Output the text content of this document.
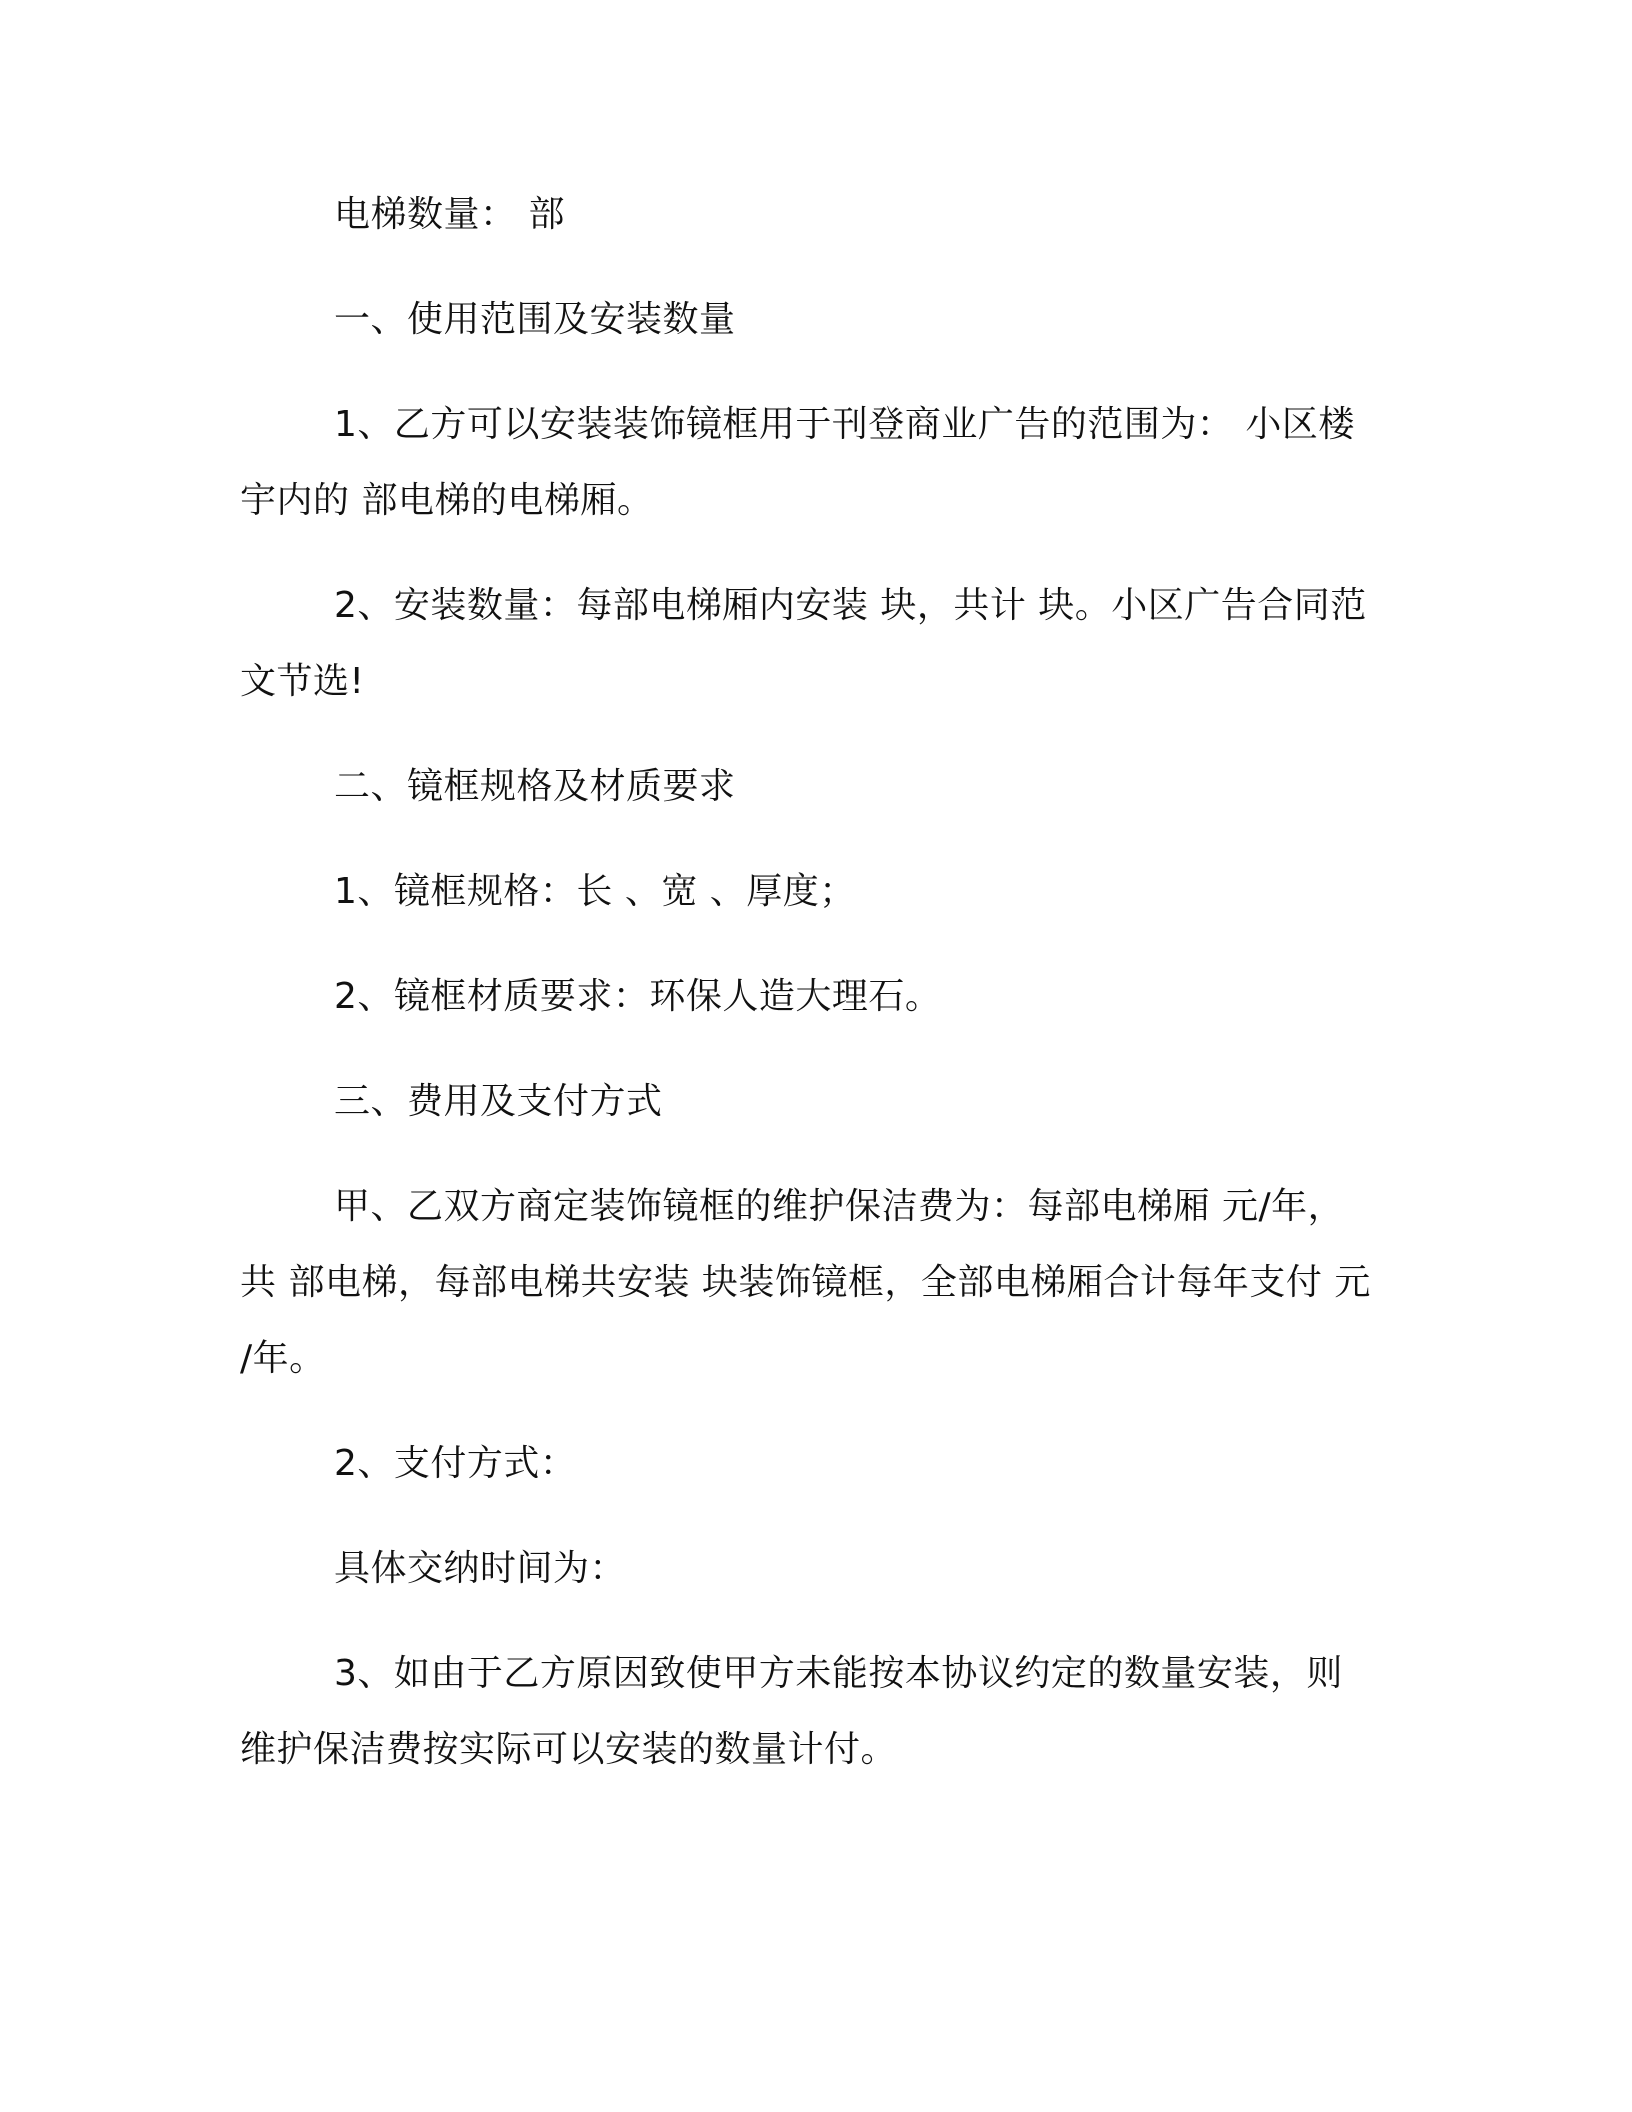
电梯数量： 部
一、使用范围及安装数量
1、乙方可以安装装饰镜框用于刊登商业广告的范围为： 小区楼
宇内的 部电梯的电梯厢。
2、安装数量：每部电梯厢内安装 块，共计 块。小区广告合同范
文节选!
二、镜框规格及材质要求
1、镜框规格：长 、宽 、厚度；
2、镜框材质要求：环保人造大理石。
三、费用及支付方式
甲、乙双方商定装饰镜框的维护保洁费为：每部电梯厢 元/年，
共 部电梯，每部电梯共安装 块装饰镜框，全部电梯厢合计每年支付 元
/年。
2、支付方式：
具体交纳时间为：
3、如由于乙方原因致使甲方未能按本协议约定的数量安装，则
维护保洁费按实际可以安装的数量计付。
